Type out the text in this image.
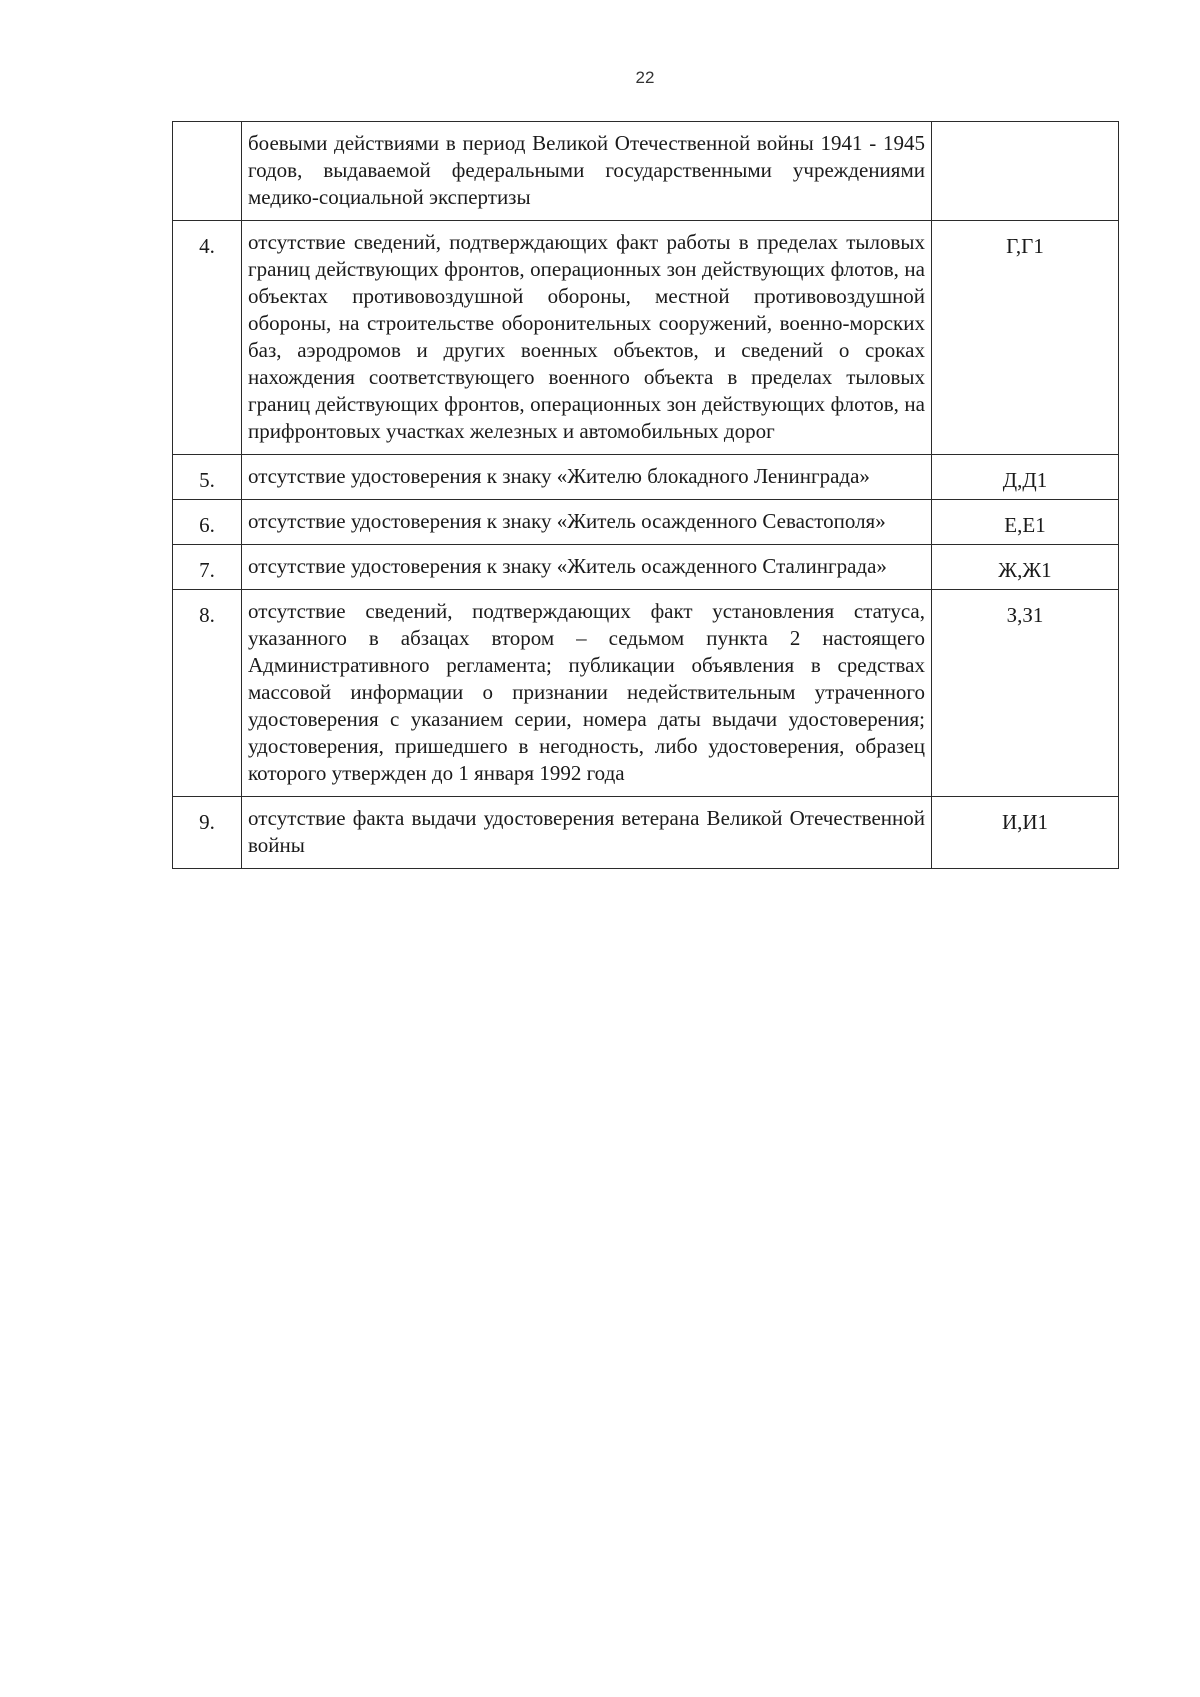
22
	боевыми действиями в период Великой Отечественной войны 1941 - 1945 годов, выдаваемой федеральными государственными учреждениями медико-социальной экспертизы	
4.	отсутствие сведений, подтверждающих факт работы в пределах тыловых границ действующих фронтов, операционных зон действующих флотов, на объектах противовоздушной обороны, местной противовоздушной обороны, на строительстве оборонительных сооружений, военно-морских баз, аэродромов и других военных объектов, и сведений о сроках нахождения соответствующего военного объекта в пределах тыловых границ действующих фронтов, операционных зон действующих флотов, на прифронтовых участках железных и автомобильных дорог	Г,Г1
5.	отсутствие удостоверения к знаку «Жителю блокадного Ленинграда»	Д,Д1
6.	отсутствие удостоверения к знаку «Житель осажденного Севастополя»	Е,Е1
7.	отсутствие удостоверения к знаку «Житель осажденного Сталинграда»	Ж,Ж1
8.	отсутствие сведений, подтверждающих факт установления статуса, указанного в абзацах втором – седьмом пункта 2 настоящего Административного регламента; публикации объявления в средствах массовой информации о признании недействительным утраченного удостоверения с указанием серии, номера даты выдачи удостоверения; удостоверения, пришедшего в негодность, либо удостоверения, образец которого утвержден до 1 января 1992 года	З,З1
9.	отсутствие факта выдачи удостоверения ветерана Великой Отечественной войны	И,И1
